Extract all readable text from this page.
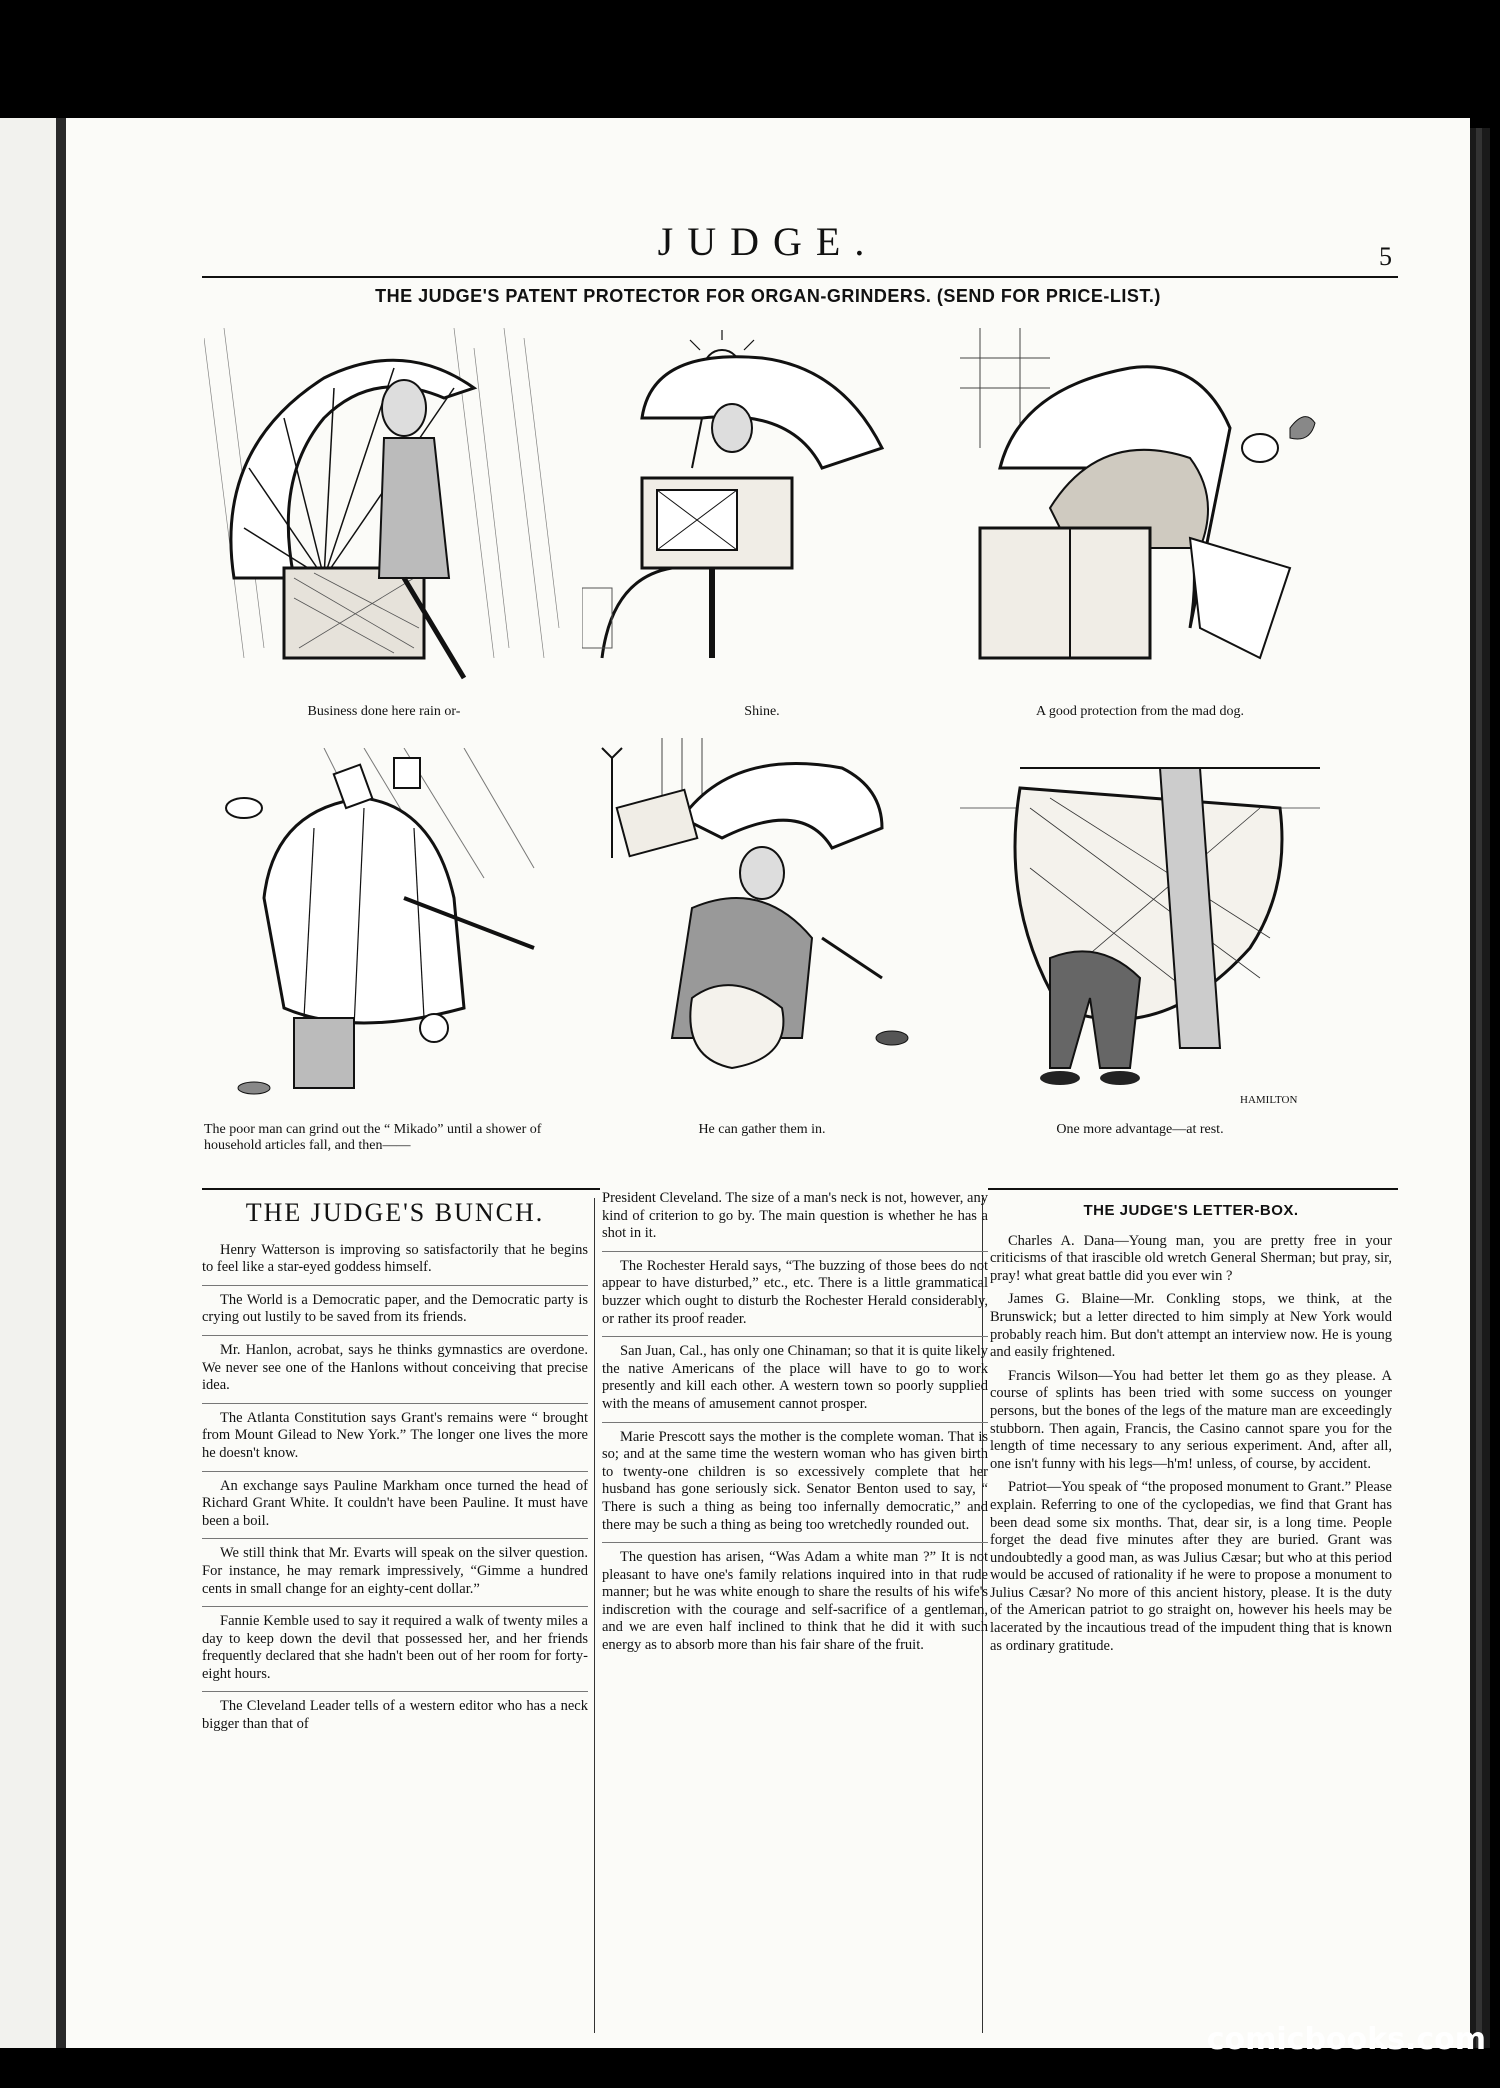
JUDGE.	5
THE JUDGE'S PATENT PROTECTOR FOR ORGAN-GRINDERS. (SEND FOR PRICE-LIST.)
Business done here rain or-	Shine.	A good protection from the mad dog.
The poor man can grind out the “ Mikado” until a shower of household articles fall, and then——
He can gather them in.
HAMILTON
One more advantage—at rest.
THE JUDGE'S BUNCH.

Henry Watterson is improving so satisfactorily that he begins to feel like a star-eyed goddess himself.

The World is a Democratic paper, and the Democratic party is crying out lustily to be saved from its friends.

Mr. Hanlon, acrobat, says he thinks gymnastics are overdone. We never see one of the Hanlons without conceiving that precise idea.

The Atlanta Constitution says Grant's remains were “ brought from Mount Gilead to New York.” The longer one lives the more he doesn't know.

An exchange says Pauline Markham once turned the head of Richard Grant White. It couldn't have been Pauline. It must have been a boil.

We still think that Mr. Evarts will speak on the silver question. For instance, he may remark impressively, “Gimme a hundred cents in small change for an eighty-cent dollar.”

Fannie Kemble used to say it required a walk of twenty miles a day to keep down the devil that possessed her, and her friends frequently declared that she hadn't been out of her room for forty-eight hours.

The Cleveland Leader tells of a western editor who has a neck bigger than that of

President Cleveland. The size of a man's neck is not, however, any kind of criterion to go by. The main question is whether he has a shot in it.

The Rochester Herald says, “The buzzing of those bees do not appear to have disturbed,” etc., etc. There is a little grammatical buzzer which ought to disturb the Rochester Herald considerably, or rather its proof reader.

San Juan, Cal., has only one Chinaman; so that it is quite likely the native Americans of the place will have to go to work presently and kill each other. A western town so poorly supplied with the means of amusement cannot prosper.

Marie Prescott says the mother is the complete woman. That is so; and at the same time the western woman who has given birth to twenty-one children is so excessively complete that her husband has gone seriously sick. Senator Benton used to say, “ There is such a thing as being too infernally democratic,” and there may be such a thing as being too wretchedly rounded out.

The question has arisen, “Was Adam a white man ?” It is not pleasant to have one's family relations inquired into in that rude manner; but he was white enough to share the results of his wife's indiscretion with the courage and self-sacrifice of a gentleman, and we are even half inclined to think that he did it with such energy as to absorb more than his fair share of the fruit.

THE JUDGE'S LETTER-BOX.

Charles A. Dana—Young man, you are pretty free in your criticisms of that irascible old wretch General Sherman; but pray, sir, pray! what great battle did you ever win ?

James G. Blaine—Mr. Conkling stops, we think, at the Brunswick; but a letter directed to him simply at New York would probably reach him. But don't attempt an interview now. He is young and easily frightened.

Francis Wilson—You had better let them go as they please. A course of splints has been tried with some success on younger persons, but the bones of the legs of the mature man are exceedingly stubborn. Then again, Francis, the Casino cannot spare you for the length of time necessary to any serious experiment. And, after all, one isn't funny with his legs—h'm! unless, of course, by accident.

Patriot—You speak of “the proposed monument to Grant.” Please explain. Referring to one of the cyclopedias, we find that Grant has been dead some six months. That, dear sir, is a long time. People forget the dead five minutes after they are buried. Grant was undoubtedly a good man, as was Julius Cæsar; but who at this period would be accused of rationality if he were to propose a monument to Julius Cæsar? No more of this ancient history, please. It is the duty of the American patriot to go straight on, however his heels may be lacerated by the incautious tread of the impudent thing that is known as ordinary gratitude.

comicbooks.com
